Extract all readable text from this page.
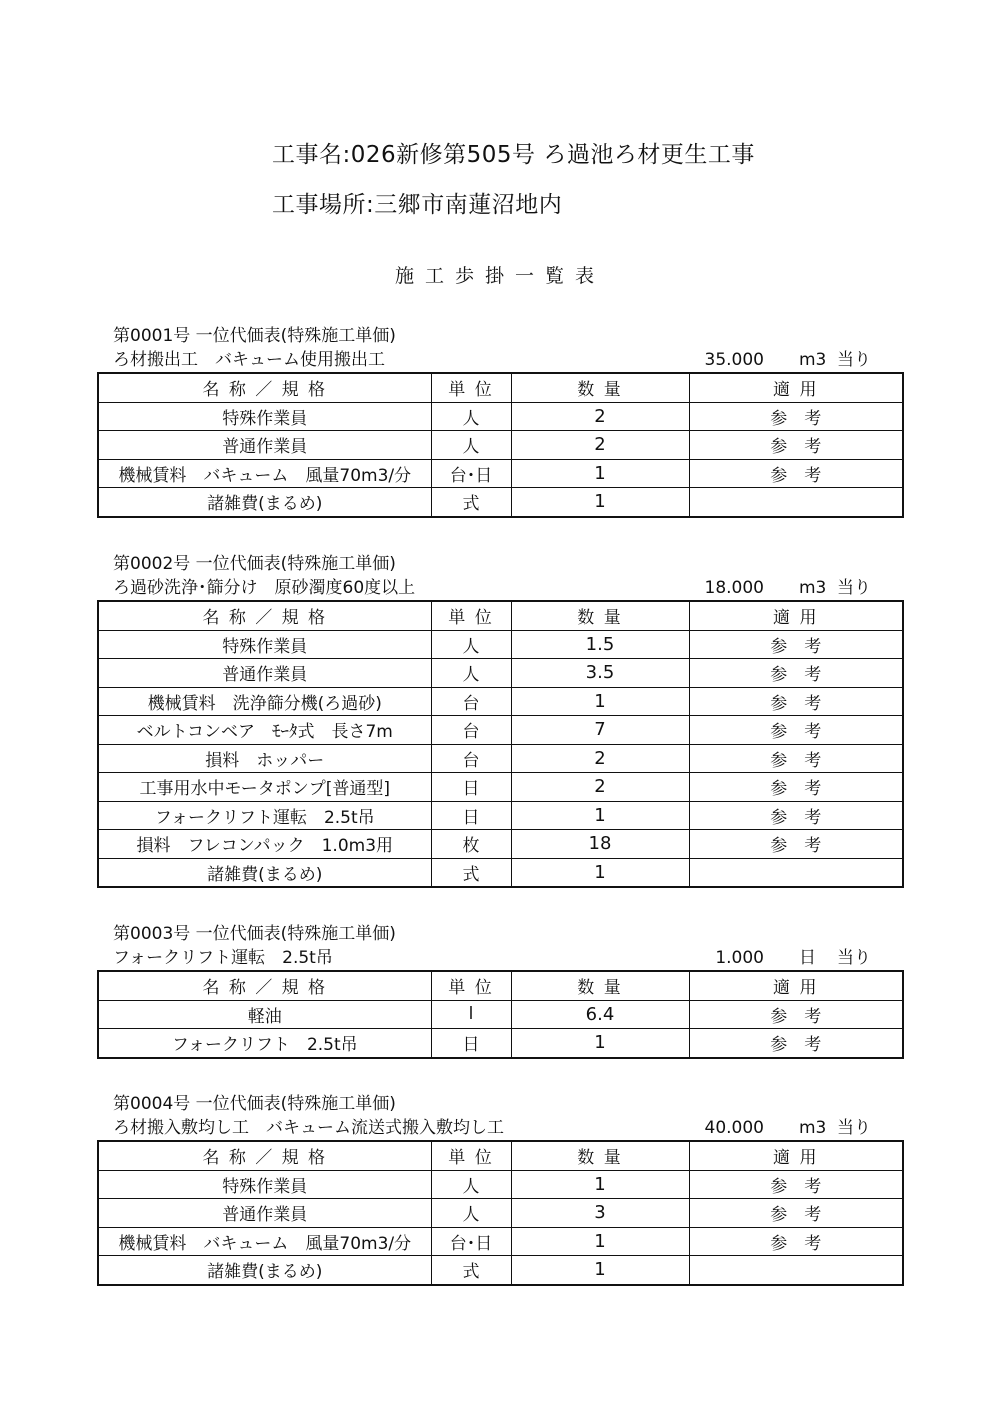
工事名:026新修第505号 ろ過池ろ材更生工事
工事場所:三郷市南蓮沼地内
施工歩掛一覧表
第0001号 一位代価表(特殊施工単価)
ろ材搬出工　バキューム使用搬出工	35.000 m3 当り
名 称 ／ 規 格	単 位	数 量	適 用
特殊作業員	人	2	参　考
普通作業員	人	2	参　考
機械賃料　バキューム　風量70m3/分	台･日	1	参　考
諸雑費(まるめ)	式	1	
第0002号 一位代価表(特殊施工単価)
ろ過砂洗浄･篩分け　原砂濁度60度以上	18.000 m3 当り
名 称 ／ 規 格	単 位	数 量	適 用
特殊作業員	人	1.5	参　考
普通作業員	人	3.5	参　考
機械賃料　洗浄篩分機(ろ過砂)	台	1	参　考
ベルトコンベア　ﾓｰﾀ式　長さ7m	台	7	参　考
損料　ホッパー	台	2	参　考
工事用水中モータポンプ[普通型]	日	2	参　考
フォークリフト運転　2.5t吊	日	1	参　考
損料　フレコンパック　1.0m3用	枚	18	参　考
諸雑費(まるめ)	式	1	
第0003号 一位代価表(特殊施工単価)
フォークリフト運転　2.5t吊	1.000 日 当り
名 称 ／ 規 格	単 位	数 量	適 用
軽油	l	6.4	参　考
フォークリフト　2.5t吊	日	1	参　考
第0004号 一位代価表(特殊施工単価)
ろ材搬入敷均し工　バキューム流送式搬入敷均し工	40.000 m3 当り
名 称 ／ 規 格	単 位	数 量	適 用
特殊作業員	人	1	参　考
普通作業員	人	3	参　考
機械賃料　バキューム　風量70m3/分	台･日	1	参　考
諸雑費(まるめ)	式	1	
